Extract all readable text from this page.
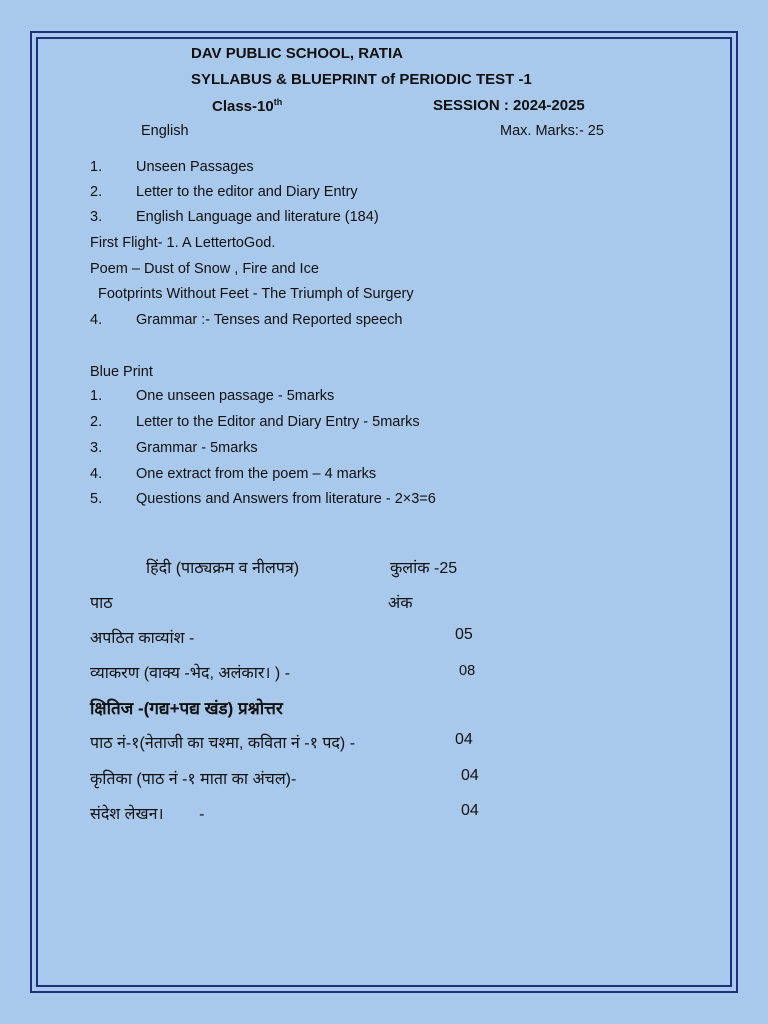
DAV PUBLIC SCHOOL, RATIA
SYLLABUS & BLUEPRINT of PERIODIC TEST -1
Class-10th	SESSION : 2024-2025
English	Max. Marks:- 25
1. Unseen Passages
2. Letter to the editor and Diary Entry
3. English Language and literature (184)
First Flight- 1. A LettertoGod.
Poem – Dust of Snow , Fire and Ice
Footprints Without Feet - The Triumph of Surgery
4. Grammar :- Tenses and Reported speech
Blue Print
1. One unseen passage - 5marks
2. Letter to the Editor and Diary Entry - 5marks
3. Grammar - 5marks
4. One extract from the poem – 4 marks
5. Questions and Answers from literature - 2×3=6
हिंदी (पाठ्यक्रम व नीलपत्र)	कुलांक -25
पाठ	अंक
अपठित काव्यांश -	05
व्याकरण (वाक्य -भेद, अलंकार। ) -	08
क्षितिज -(गद्य+पद्य खंड) प्रश्नोत्तर
पाठ नं-१(नेताजी का चश्मा, कविता नं -१ पद) -	04
कृतिका (पाठ नं -१ माता का अंचल)-	04
संदेश लेखन।        -	04
